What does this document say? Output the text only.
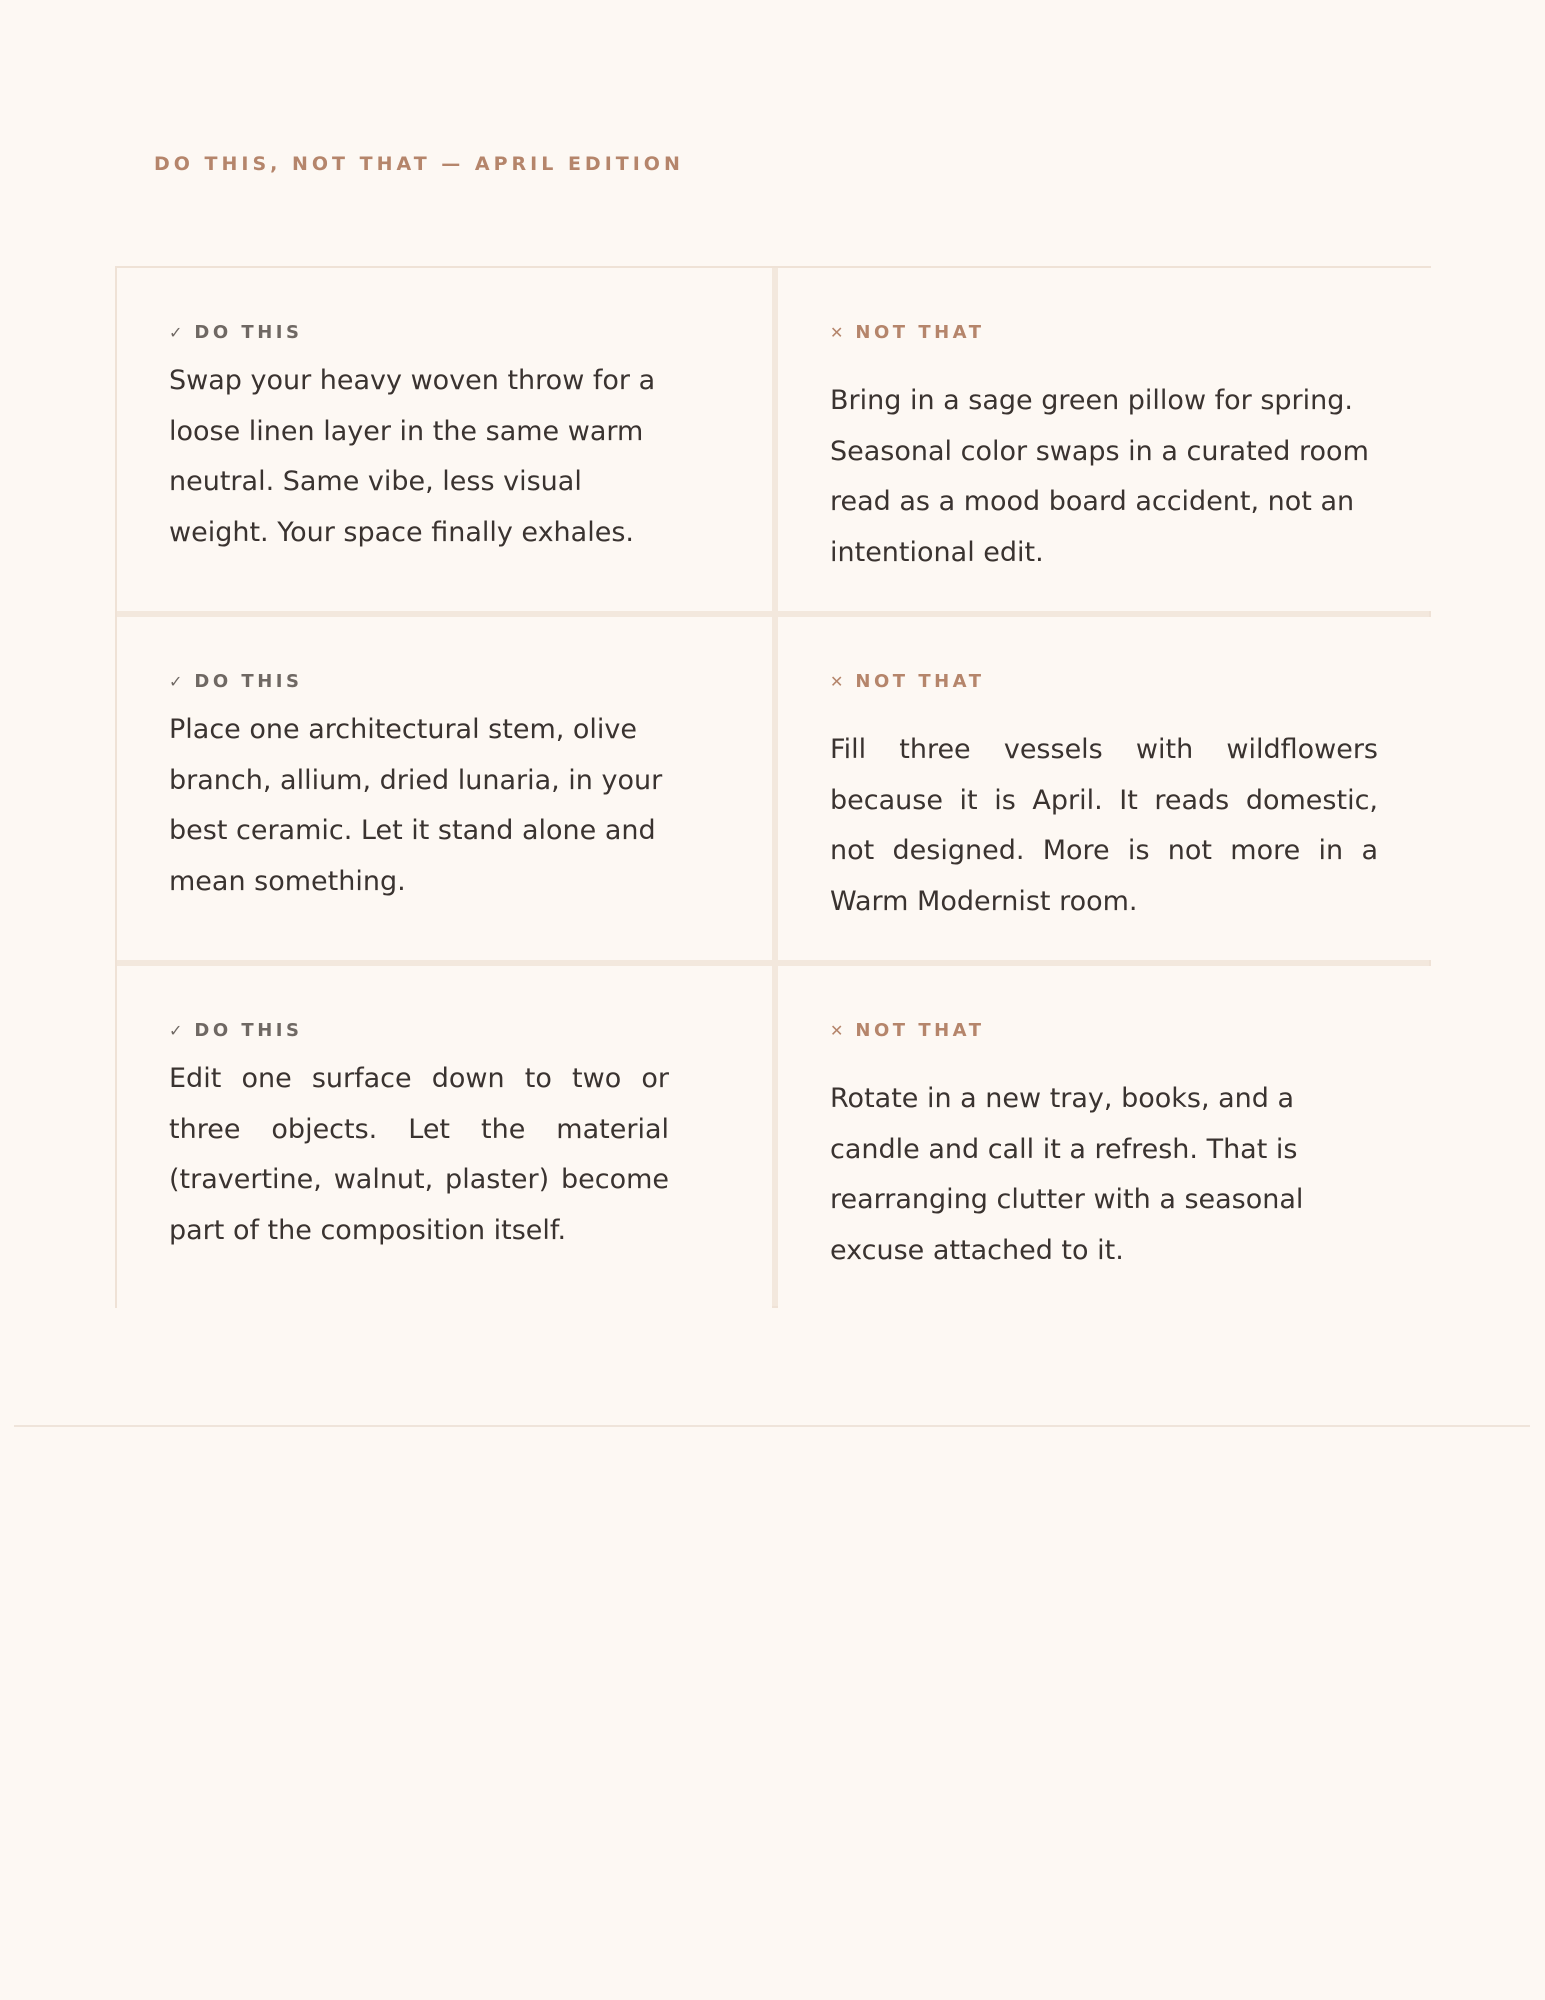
DO THIS, NOT THAT — APRIL EDITION
✓ DO THIS
Swap your heavy woven throw for a loose linen layer in the same warm neutral. Same vibe, less visual weight. Your space finally exhales.
✕ NOT THAT
Bring in a sage green pillow for spring. Seasonal color swaps in a curated room read as a mood board accident, not an intentional edit.
✓ DO THIS
Place one architectural stem, olive branch, allium, dried lunaria, in your best ceramic. Let it stand alone and mean something.
✕ NOT THAT
Fill three vessels with wildflowers because it is April. It reads domestic, not designed. More is not more in a Warm Modernist room.
✓ DO THIS
Edit one surface down to two or three objects. Let the material (travertine, walnut, plaster) become part of the composition itself.
✕ NOT THAT
Rotate in a new tray, books, and a candle and call it a refresh. That is rearranging clutter with a seasonal excuse attached to it.
